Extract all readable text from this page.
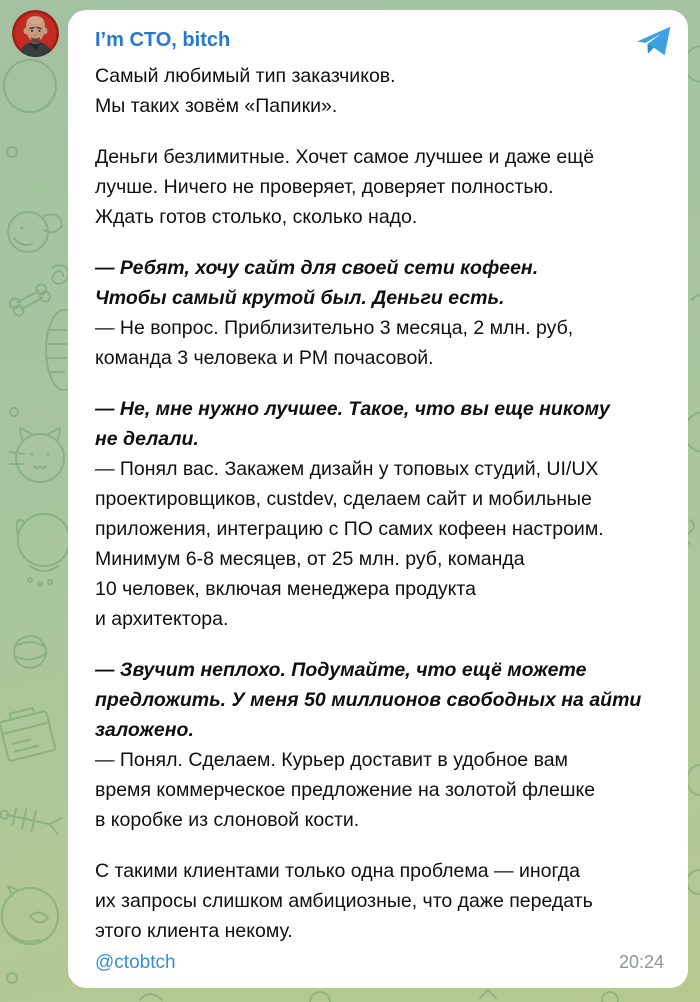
I’m CTO, bitch
Самый любимый тип заказчиков.
Мы таких зовём «Папики».
Деньги безлимитные. Хочет самое лучшее и даже ещё
лучше. Ничего не проверяет, доверяет полностью.
Ждать готов столько, сколько надо.
— Ребят, хочу сайт для своей сети кофеен.
Чтобы самый крутой был. Деньги есть.
— Не вопрос. Приблизительно 3 месяца, 2 млн. руб,
команда 3 человека и PM почасовой.
— Не, мне нужно лучшее. Такое, что вы еще никому
не делали.
— Понял вас. Закажем дизайн у топовых студий, UI/UX
проектировщиков, custdev, сделаем сайт и мобильные
приложения, интеграцию с ПО самих кофеен настроим.
Минимум 6-8 месяцев, от 25 млн. руб, команда
10 человек, включая менеджера продукта
и архитектора.
— Звучит неплохо. Подумайте, что ещё можете
предложить. У меня 50 миллионов свободных на айти
заложено.
— Понял. Сделаем. Курьер доставит в удобное вам
время коммерческое предложение на золотой флешке
в коробке из слоновой кости.
С такими клиентами только одна проблема — иногда
их запросы слишком амбициозные, что даже передать
этого клиента некому.
@ctobtch	20:24
